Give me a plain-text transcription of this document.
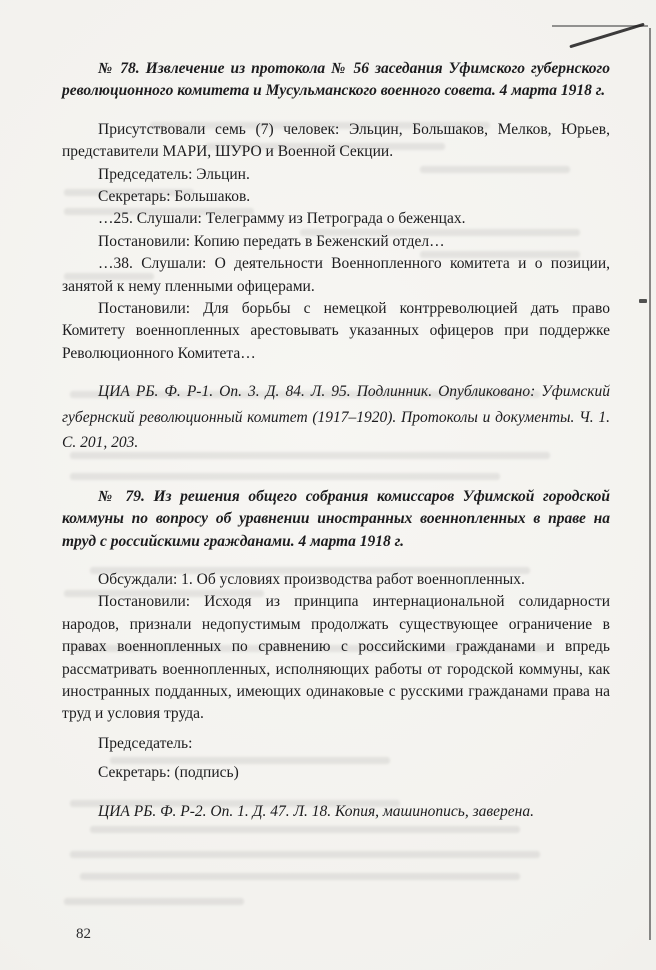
№ 78. Извлечение из протокола № 56 заседания Уфимского губернского революционного комитета и Мусульманского военного совета. 4 марта 1918 г.

Присутствовали семь (7) человек: Эльцин, Большаков, Мелков, Юрьев, представители МАРИ, ШУРО и Военной Секции.

Председатель: Эльцин.

Секретарь: Большаков.

…25. Слушали: Телеграмму из Петрограда о беженцах.

Постановили: Копию передать в Беженский отдел…

…38. Слушали: О деятельности Военнопленного комитета и о позиции, занятой к нему пленными офицерами.

Постановили: Для борьбы с немецкой контрреволюцией дать право Комитету военнопленных арестовывать указанных офицеров при поддержке Революционного Комитета…

ЦИА РБ. Ф. Р-1. Оп. 3. Д. 84. Л. 95. Подлинник. Опубликовано: Уфимский губернский революционный комитет (1917–1920). Протоколы и документы. Ч. 1. С. 201, 203.

№ 79. Из решения общего собрания комиссаров Уфимской городской коммуны по вопросу об уравнении иностранных военнопленных в праве на труд с российскими гражданами. 4 марта 1918 г.

Обсуждали: 1. Об условиях производства работ военнопленных.

Постановили: Исходя из принципа интернациональной солидарности народов, признали недопустимым продолжать существующее ограничение в правах военнопленных по сравнению с российскими гражданами и впредь рассматривать военнопленных, исполняющих работы от городской коммуны, как иностранных подданных, имеющих одинаковые с русскими гражданами права на труд и условия труда.

Председатель:

Секретарь: (подпись)

ЦИА РБ. Ф. Р-2. Оп. 1. Д. 47. Л. 18. Копия, машинопись, заверена.

82
